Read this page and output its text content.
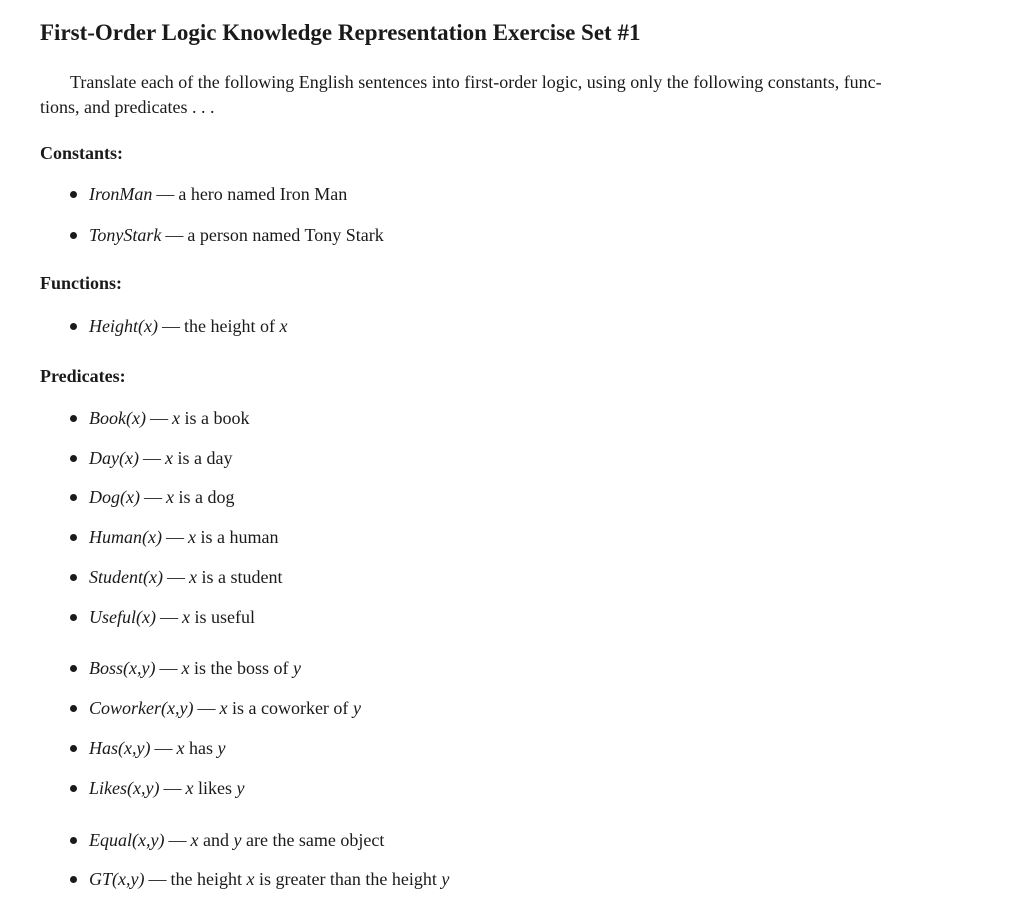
First-Order Logic Knowledge Representation Exercise Set #1

Translate each of the following English sentences into first-order logic, using only the following constants, func-
tions, and predicates . . .

Constants:
IronMan — a hero named Iron Man
TonyStark — a person named Tony Stark
Functions:
Height(x) — the height of x
Predicates:
Book(x) — x is a book
Day(x) — x is a day
Dog(x) — x is a dog
Human(x) — x is a human
Student(x) — x is a student
Useful(x) — x is useful
Boss(x,y) — x is the boss of y
Coworker(x,y) — x is a coworker of y
Has(x,y) — x has y
Likes(x,y) — x likes y
Equal(x,y) — x and y are the same object
GT(x,y) — the height x is greater than the height y
